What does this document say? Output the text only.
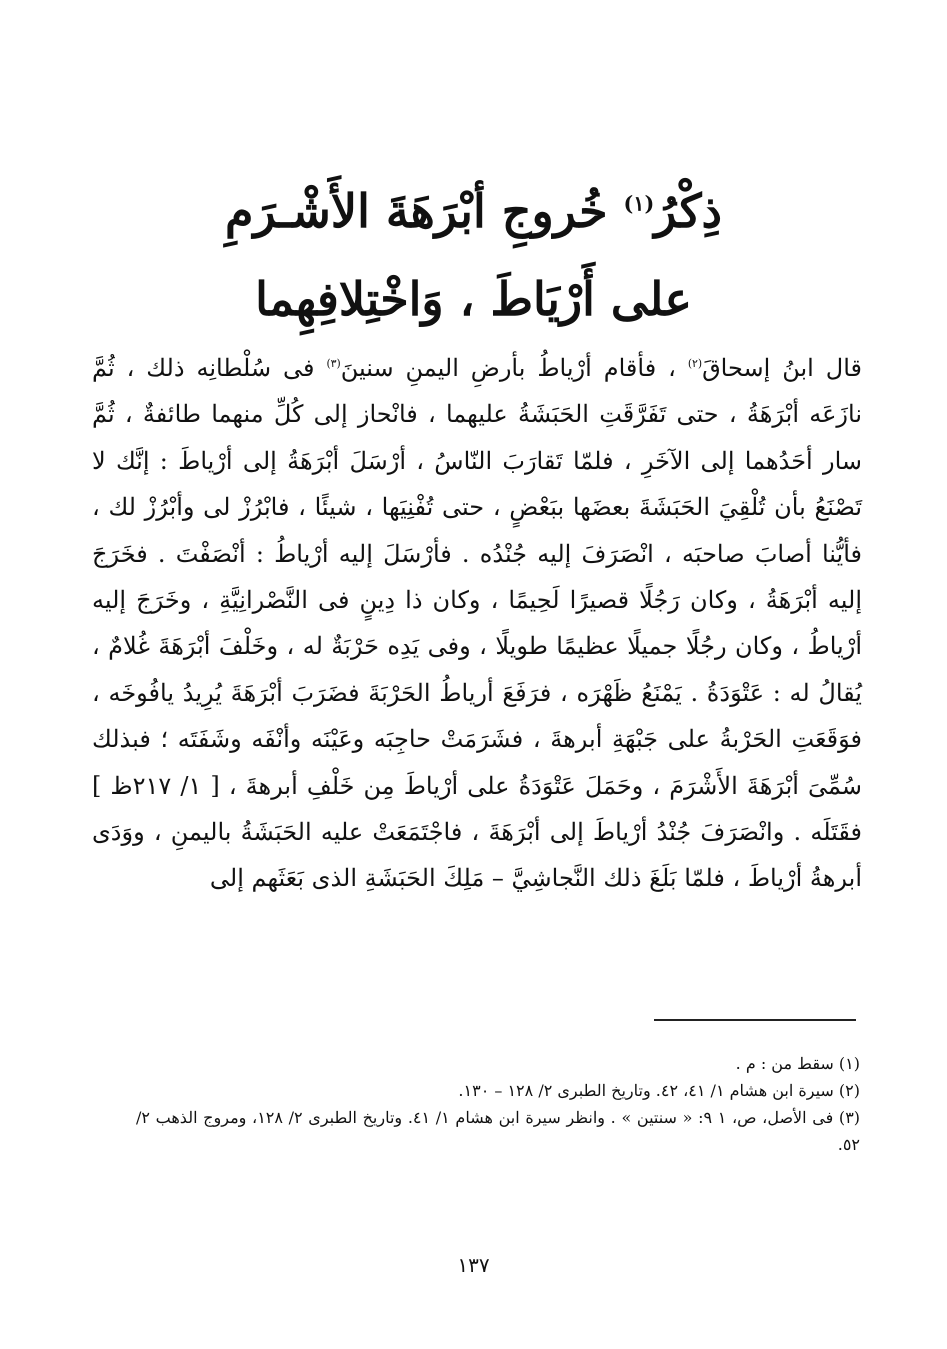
ذِكْرُ$^{(١)}$ خُروجِ أبْرَهَةَ الأَشْـرَمِ
على أَرْيَاطَ ، وَاخْتِلافِهِما

قال ابنُ إسحاقَ$^{(٢)}$ ، فأقام أرْياطُ بأرضِ اليمنِ سنينَ$^{(٣)}$ فى سُلْطانِه ذلك ، ثُمَّ نازَعَه أبْرَهَةُ ، حتى تَفَرَّقَتِ الحَبَشَةُ عليهما ، فانْحاز إلى كُلِّ منهما طائفةٌ ، ثُمَّ سار أحَدُهما إلى الآخَرِ ، فلمّا تَقارَبَ النّاسُ ، أرْسَلَ أبْرَهَةُ إلى أرْياطَ : إنَّك لا تَصْنَعُ بأن تُلْقِيَ الحَبَشَةَ بعضَها ببَعْضٍ ، حتى تُفْنِيَها ، شيئًا ، فابْرُزْ لى وأبْرُزْ لك ، فأيُّنا أصابَ صاحبَه ، انْصَرَفَ إليه جُنْدُه . فأرْسَلَ إليه أرْياطُ : أنْصَفْتَ . فخَرَجَ إليه أبْرَهَةُ ، وكان رَجُلًا قصيرًا لَحِيمًا ، وكان ذا دِينٍ فى النَّصْرانِيَّةِ ، وخَرَجَ إليه أرْياطُ ، وكان رجُلًا جميلًا عظيمًا طويلًا ، وفى يَدِه حَرْبَةٌ له ، وخَلْفَ أبْرَهَةَ غُلامٌ ، يُقالُ له : عَتْوَدَةُ . يَمْنَعُ ظَهْرَه ، فرَفَعَ أرياطُ الحَرْبَةَ فضَرَبَ أبْرَهَةَ يُرِيدُ يافُوخَه ، فوَقَعَتِ الحَرْبةُ على جَبْهَةِ أبرهةَ ، فشَرَمَتْ حاجِبَه وعَيْنَه وأنْفَه وشَفَتَه ؛ فبذلك سُمِّىَ أبْرَهَةَ الأَشْرَمَ ، وحَمَلَ عَتْوَدَةُ على أرْياطَ مِن خَلْفِ أبرهةَ ، [ ١/ ٢١٧ظ ] فقَتَلَه . وانْصَرَفَ جُنْدُ أرْياطَ إلى أبْرَهَةَ ، فاجْتَمَعَتْ عليه الحَبَشَةُ باليمنِ ، ووَدَى أبرهةُ أرْياطَ ، فلمّا بَلَغَ ذلك النَّجاشِيَّ – مَلِكَ الحَبَشَةِ الذى بَعَثَهم إلى

(١) سقط من : م .

(٢) سيرة ابن هشام ١/ ٤١، ٤٢. وتاريخ الطبرى ٢/ ١٢٨ – ١٣٠.

(٣) فى الأصل، ص، ١ ٩: « سنتين » . وانظر سيرة ابن هشام ١/ ٤١. وتاريخ الطبرى ٢/ ١٢٨، ومروج الذهب ٢/ ٥٢.

١٣٧
